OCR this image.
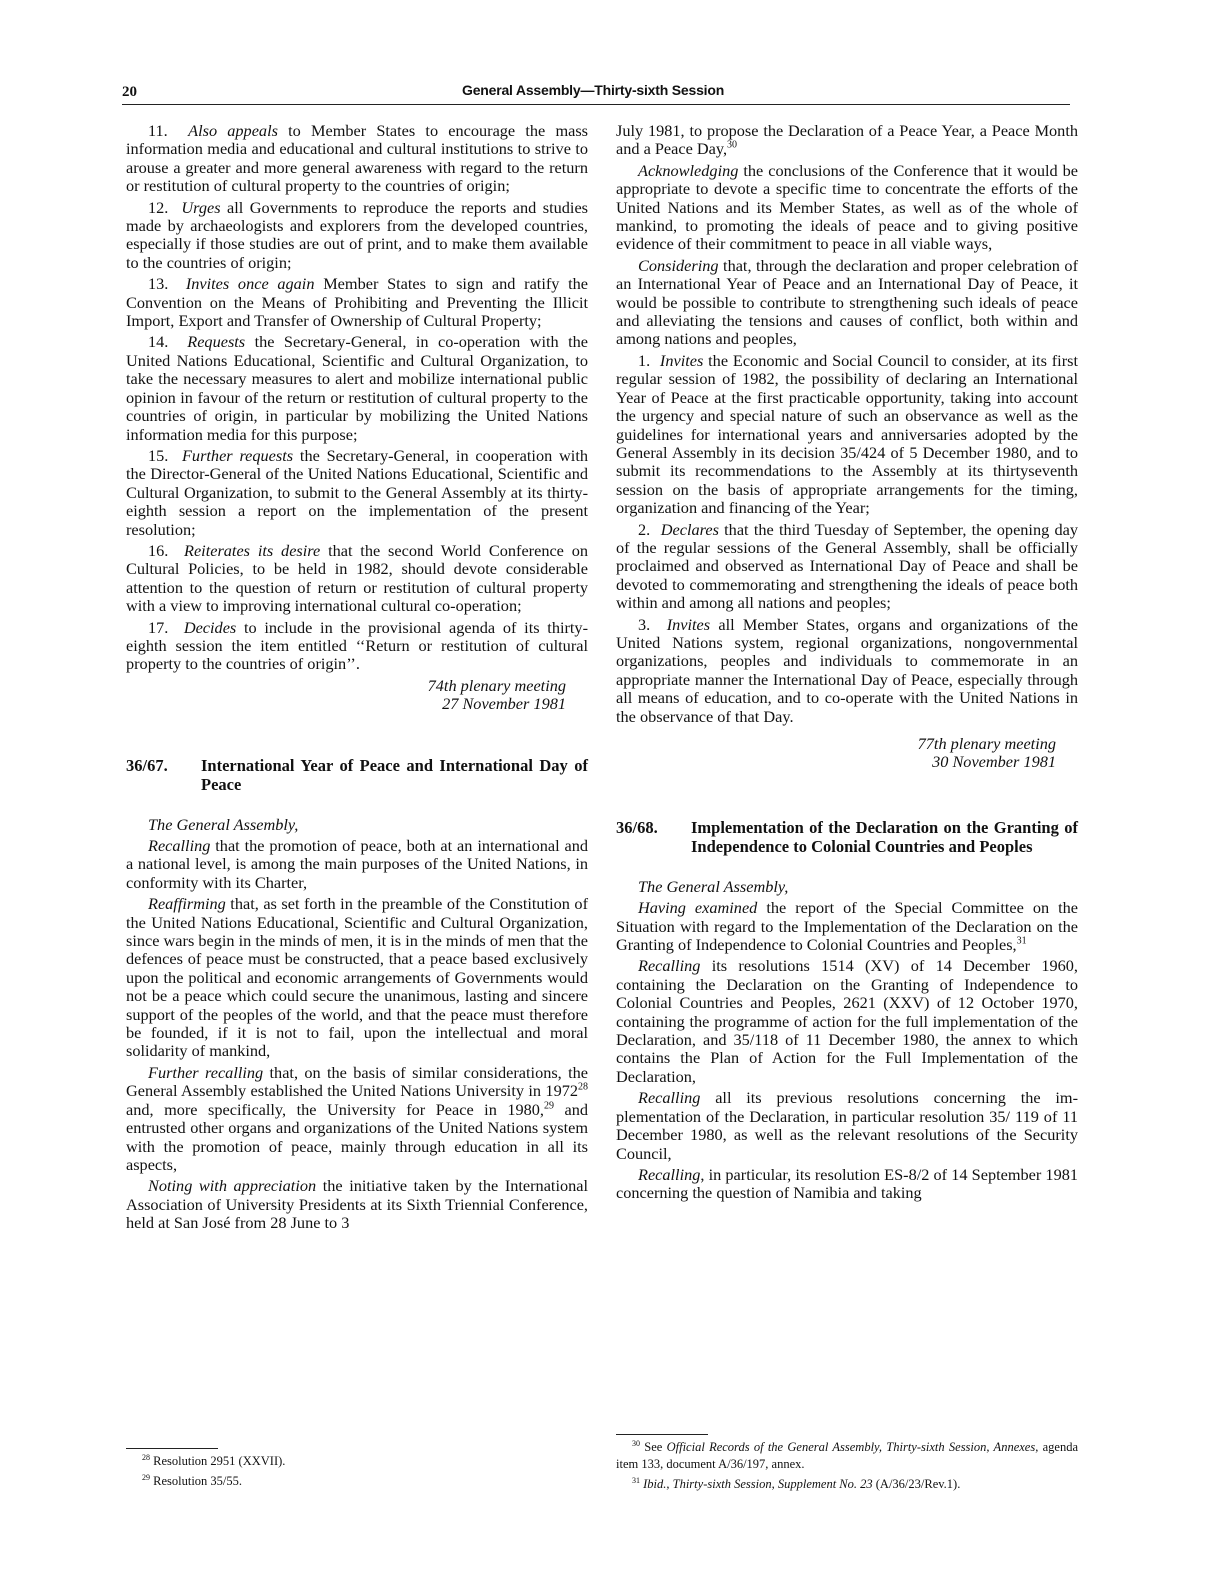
20	General Assembly—Thirty-sixth Session

11. Also appeals to Member States to encourage the mass information media and educational and cultural institutions to strive to arouse a greater and more general awareness with regard to the return or restitution of cultural property to the countries of origin;

12. Urges all Governments to reproduce the reports and studies made by archaeologists and explorers from the developed countries, especially if those studies are out of print, and to make them available to the countries of origin;

13. Invites once again Member States to sign and ratify the Convention on the Means of Prohibiting and Preventing the Illicit Import, Export and Transfer of Ownership of Cultural Property;

14. Requests the Secretary-General, in co-operation with the United Nations Educational, Scientific and Cultural Organization, to take the necessary measures to alert and mobilize international public opinion in favour of the return or restitution of cultural property to the countries of origin, in particular by mobilizing the United Nations information media for this purpose;

15. Further requests the Secretary-General, in cooperation with the Director-General of the United Nations Educational, Scientific and Cultural Organization, to submit to the General Assembly at its thirty-eighth session a report on the implementation of the present resolution;

16. Reiterates its desire that the second World Conference on Cultural Policies, to be held in 1982, should devote considerable attention to the question of return or restitution of cultural property with a view to improving international cultural co-operation;

17. Decides to include in the provisional agenda of its thirty-eighth session the item entitled ‘‘Return or restitution of cultural property to the countries of origin’’.

74th plenary meeting

27 November 1981

36/67.	International Year of Peace and International Day of Peace

The General Assembly,

Recalling that the promotion of peace, both at an international and a national level, is among the main purposes of the United Nations, in conformity with its Charter,

Reaffirming that, as set forth in the preamble of the Constitution of the United Nations Educational, Scientific and Cultural Organization, since wars begin in the minds of men, it is in the minds of men that the defences of peace must be constructed, that a peace based exclusively upon the political and economic arrangements of Governments would not be a peace which could secure the unanimous, lasting and sincere support of the peoples of the world, and that the peace must therefore be founded, if it is not to fail, upon the intellectual and moral solidarity of mankind,

Further recalling that, on the basis of similar considerations, the General Assembly established the United Nations University in 1972$^{28}$ and, more specifically, the University for Peace in 1980,29 and entrusted other organs and organizations of the United Nations system with the promotion of peace, mainly through education in all its aspects,

Noting with appreciation the initiative taken by the International Association of University Presidents at its Sixth Triennial Conference, held at San José from 28 June to 3

$^{28}$ Resolution 2951 (XXVII).

$^{29}$ Resolution 35/55.

July 1981, to propose the Declaration of a Peace Year, a Peace Month and a Peace Day,$^{30}$

Acknowledging the conclusions of the Conference that it would be appropriate to devote a specific time to concentrate the efforts of the United Nations and its Member States, as well as of the whole of mankind, to promoting the ideals of peace and to giving positive evidence of their commitment to peace in all viable ways,

Considering that, through the declaration and proper celebration of an International Year of Peace and an International Day of Peace, it would be possible to contribute to strengthening such ideals of peace and alleviating the tensions and causes of conflict, both within and among nations and peoples,

1. Invites the Economic and Social Council to consider, at its first regular session of 1982, the possibility of declaring an International Year of Peace at the first practicable opportunity, taking into account the urgency and special nature of such an observance as well as the guidelines for international years and anniversaries adopted by the General Assembly in its decision 35/424 of 5 December 1980, and to submit its recommendations to the Assembly at its thirtyseventh session on the basis of appropriate arrangements for the timing, organization and financing of the Year;

2. Declares that the third Tuesday of September, the opening day of the regular sessions of the General Assembly, shall be officially proclaimed and observed as International Day of Peace and shall be devoted to commemorating and strengthening the ideals of peace both within and among all nations and peoples;

3. Invites all Member States, organs and organizations of the United Nations system, regional organizations, nongovernmental organizations, peoples and individuals to commemorate in an appropriate manner the International Day of Peace, especially through all means of education, and to co-operate with the United Nations in the observance of that Day.

77th plenary meeting

30 November 1981

36/68.	Implementation of the Declaration on the Granting of Independence to Colonial Countries and Peoples

The General Assembly,

Having examined the report of the Special Committee on the Situation with regard to the Implementation of the Declaration on the Granting of Independence to Colonial Countries and Peoples,$^{31}$

Recalling its resolutions 1514 (XV) of 14 December 1960, containing the Declaration on the Granting of Independence to Colonial Countries and Peoples, 2621 (XXV) of 12 October 1970, containing the programme of action for the full implementation of the Declaration, and 35/118 of 11 December 1980, the annex to which contains the Plan of Action for the Full Implementation of the Declaration,

Recalling all its previous resolutions concerning the implementation of the Declaration, in particular resolution 35/ 119 of 11 December 1980, as well as the relevant resolutions of the Security Council,

Recalling, in particular, its resolution ES-8/2 of 14 September 1981 concerning the question of Namibia and taking

$^{30}$ See Official Records of the General Assembly, Thirty-sixth Session, Annexes, agenda item 133, document A/36/197, annex.

$^{31}$ Ibid., Thirty-sixth Session, Supplement No. 23 (A/36/23/Rev.1).
